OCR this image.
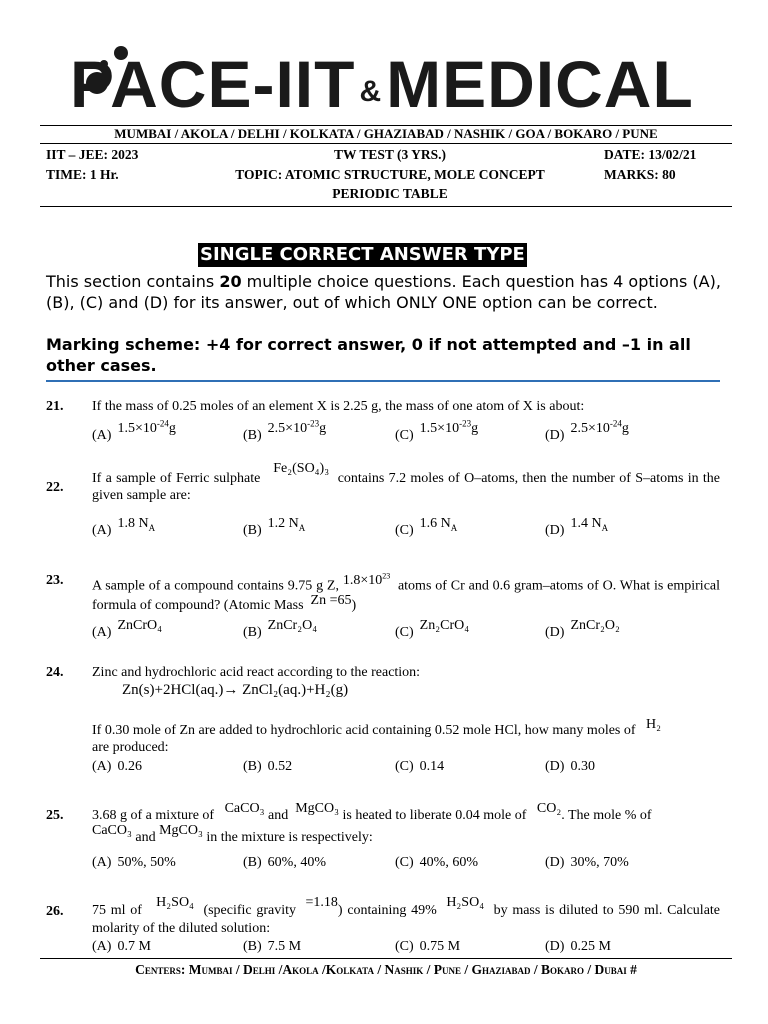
PACE-IIT &MEDICAL
MUMBAI / AKOLA / DELHI / KOLKATA / GHAZIABAD / NASHIK / GOA / BOKARO / PUNE
IIT – JEE: 2023	TW TEST (3 YRS.)	DATE: 13/02/21
TIME: 1 Hr.	TOPIC: ATOMIC STRUCTURE, MOLE CONCEPT	MARKS: 80
PERIODIC TABLE
SINGLE CORRECT ANSWER TYPE
This section contains 20 multiple choice questions. Each question has 4 options (A), (B), (C) and (D) for its answer, out of which ONLY ONE option can be correct.
Marking scheme: +4 for correct answer, 0 if not attempted and –1 in all other cases.
21. If the mass of 0.25 moles of an element X is 2.25 g, the mass of one atom of X is about:
(A) $1.5\times 10^{-24}g$	(B) $2.5\times 10^{-23}g$	(C) $1.5\times 10^{-23}g$	(D) $2.5\times 10^{-24}g$
22.
If a sample of Ferric sulphate   Fe₂(SO₄)₃  contains 7.2 moles of O–atoms, then the number of S–atoms in the given sample are:
(A) 1.8 $N_A$	(B) 1.2 $N_A$	(C) 1.6 $N_A$	(D) 1.4 $N_A$
23. A sample of a compound contains 9.75 g Z, $1.8\times 10^{23}$  atoms of Cr and 0.6 gram–atoms of O. What is empirical formula of compound? (Atomic Mass Zn =65)
(A) ZnCrO₄	(B) ZnCr₂O₄	(C) Zn₂CrO₄	(D) ZnCr₂O₂
24. Zinc and hydrochloric acid react according to the reaction:
Zn(s)+2HCl(aq.)→ ZnCl₂(aq.)+H₂(g)
If 0.30 mole of Zn are added to hydrochloric acid containing 0.52 mole HCl, how many moles of H₂
are produced:
(A) 0.26	(B) 0.52	(C) 0.14	(D) 0.30
25. 3.68 g of a mixture of CaCO₃ and MgCO₃ is heated to liberate 0.04 mole of CO₂. The mole % of
CaCO₃ and MgCO₃ in the mixture is respectively:
(A) 50%, 50%	(B) 60%, 40%	(C) 40%, 60%	(D) 30%, 70%
26. 75 ml of   H₂SO₄  (specific gravity  =1.18) containing 49%  H₂SO₄  by mass is diluted to 590 ml. Calculate molarity of the diluted solution:
(A) 0.7 M	(B) 7.5 M	(C) 0.75 M	(D) 0.25 M
Centers: Mumbai / Delhi /Akola /Kolkata / Nashik / Pune / Ghaziabad / Bokaro / Dubai #
